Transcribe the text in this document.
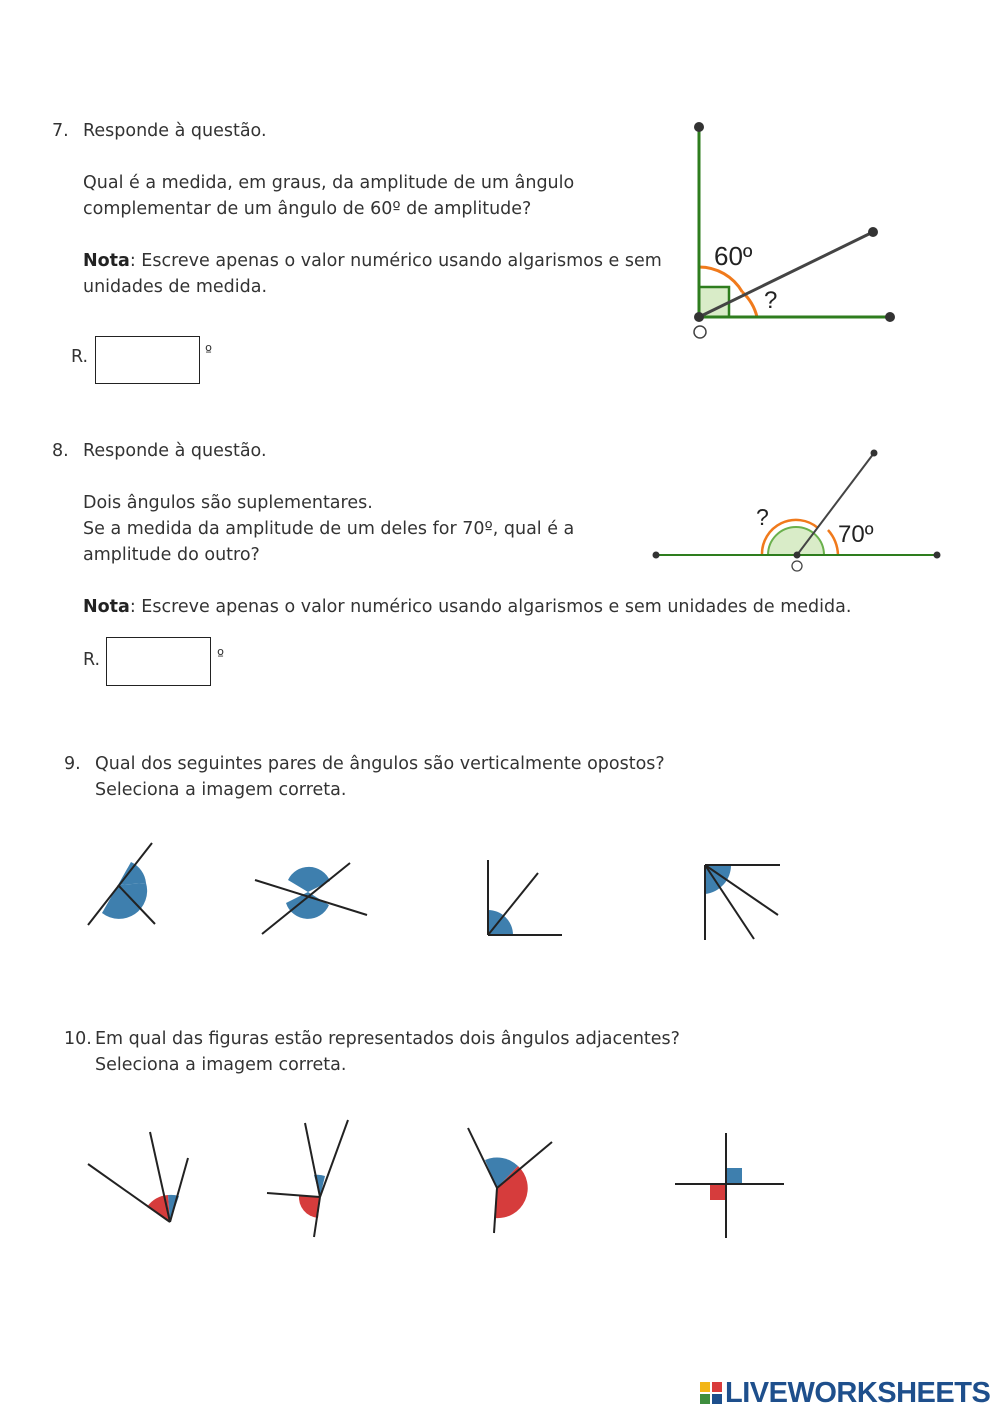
7. Responde à questão.
Qual é a medida, em graus, da amplitude de um ângulo
complementar de um ângulo de 60º de amplitude?
Nota: Escreve apenas o valor numérico usando algarismos e sem
unidades de medida.
R.	º
60º
?
8. Responde à questão.
Dois ângulos são suplementares.
Se a medida da amplitude de um deles for 70º, qual é a
amplitude do outro?
Nota: Escreve apenas o valor numérico usando algarismos e sem unidades de medida.
R.	º
?
70º
9. Qual dos seguintes pares de ângulos são verticalmente opostos?
Seleciona a imagem correta.
10. Em qual das figuras estão representados dois ângulos adjacentes?
Seleciona a imagem correta.
LIVEWORKSHEETS
